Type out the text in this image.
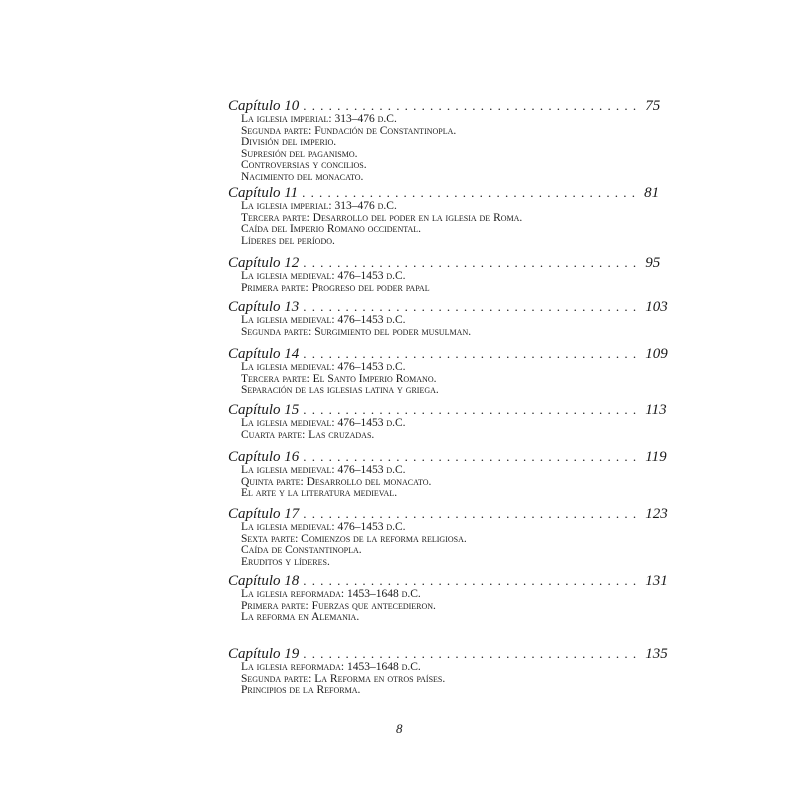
Capítulo 10 ........................................ 75
La iglesia imperial: 313–476 d.C.
Segunda parte: Fundación de Constantinopla.
División del imperio.
Supresión del paganismo.
Controversias y concilios.
Nacimiento del monacato.
Capítulo 11 ........................................ 81
La iglesia imperial: 313–476 d.C.
Tercera parte: Desarrollo del poder en la iglesia de Roma.
Caída del Imperio Romano occidental.
Líderes del período.
Capítulo 12 ........................................ 95
La iglesia medieval: 476–1453 d.C.
Primera parte: Progreso del poder papal
Capítulo 13 ........................................ 103
La iglesia medieval: 476–1453 d.C.
Segunda parte: Surgimiento del poder musulman.
Capítulo 14 ........................................ 109
La iglesia medieval: 476–1453 d.C.
Tercera parte: El Santo Imperio Romano.
Separación de las iglesias latina y griega.
Capítulo 15 ........................................ 113
La iglesia medieval: 476–1453 d.C.
Cuarta parte: Las cruzadas.
Capítulo 16 ........................................ 119
La iglesia medieval: 476–1453 d.C.
Quinta parte: Desarrollo del monacato.
El arte y la literatura medieval.
Capítulo 17 ........................................ 123
La iglesia medieval: 476–1453 d.C.
Sexta parte: Comienzos de la reforma religiosa.
Caída de Constantinopla.
Eruditos y líderes.
Capítulo 18 ........................................ 131
La iglesia reformada: 1453–1648 d.C.
Primera parte: Fuerzas que antecedieron.
La reforma en Alemania.
Capítulo 19 ........................................ 135
La iglesia reformada: 1453–1648 d.C.
Segunda parte: La Reforma en otros países.
Principios de la Reforma.
8
